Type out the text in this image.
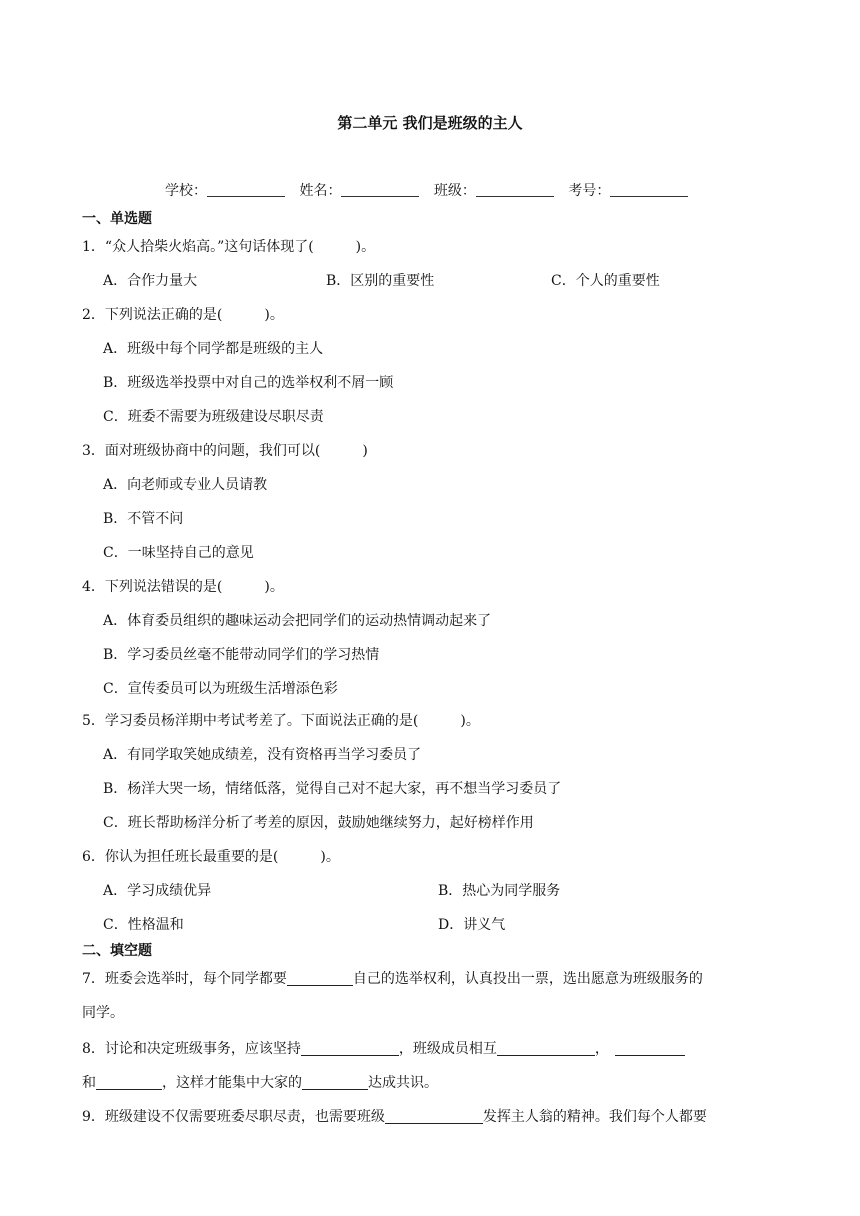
第二单元 我们是班级的主人
学校：	姓名：	班级：	考号：
一、单选题
1．“众人拾柴火焰高。”这句话体现了(　　　)。
A．合作力量大	B．区别的重要性	C．个人的重要性
2．下列说法正确的是(　　　)。
A．班级中每个同学都是班级的主人
B．班级选举投票中对自己的选举权利不屑一顾
C．班委不需要为班级建设尽职尽责
3．面对班级协商中的问题，我们可以(　　　)
A．向老师或专业人员请教
B．不管不问
C．一味坚持自己的意见
4．下列说法错误的是(　　　)。
A．体育委员组织的趣味运动会把同学们的运动热情调动起来了
B．学习委员丝毫不能带动同学们的学习热情
C．宣传委员可以为班级生活增添色彩
5．学习委员杨洋期中考试考差了。下面说法正确的是(　　　)。
A．有同学取笑她成绩差，没有资格再当学习委员了
B．杨洋大哭一场，情绪低落，觉得自己对不起大家，再不想当学习委员了
C．班长帮助杨洋分析了考差的原因，鼓励她继续努力，起好榜样作用
6．你认为担任班长最重要的是(　　　)。
A．学习成绩优异	B．热心为同学服务
C．性格温和	D．讲义气
二、填空题
7．班委会选举时，每个同学都要	自己的选举权利，认真投出一票，选出愿意为班级服务的
同学。
8．讨论和决定班级事务，应该坚持	，班级成员相互	，
和	，这样才能集中大家的	达成共识。
9．班级建设不仅需要班委尽职尽责，也需要班级	发挥主人翁的精神。我们每个人都要
